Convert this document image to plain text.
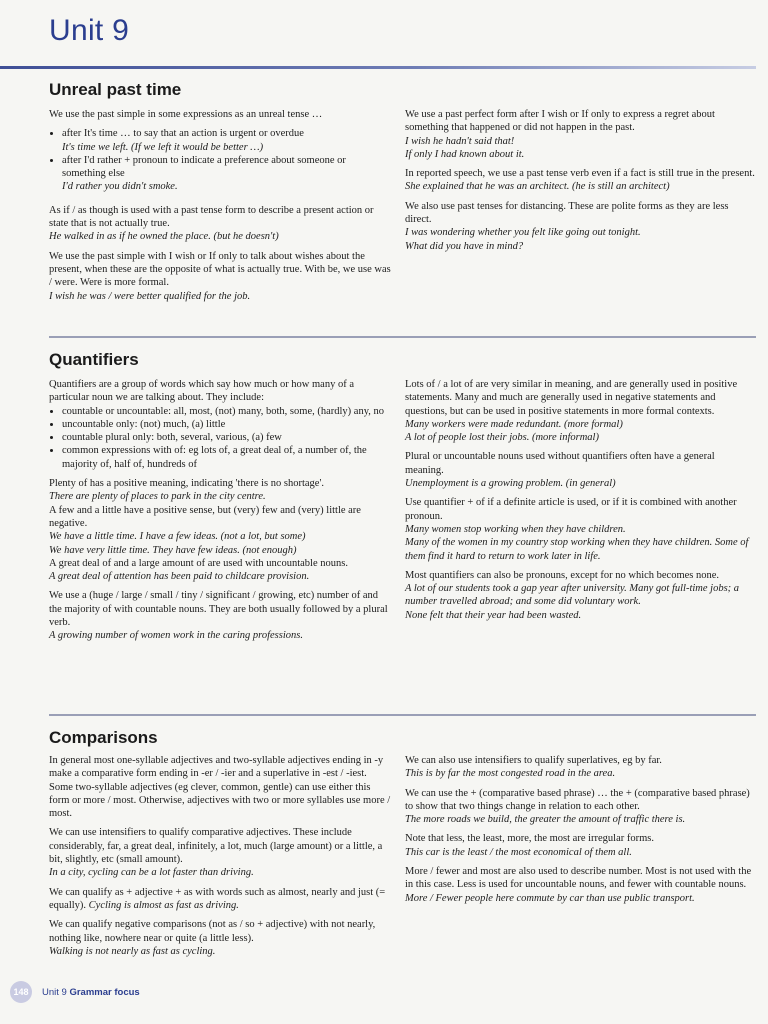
Unit 9
Unreal past time

We use the past simple in some expressions as an unreal tense …

• after It's time … to say that an action is urgent or overdue
It's time we left. (If we left it would be better …)
• after I'd rather + pronoun to indicate a preference about someone or something else
I'd rather you didn't smoke.

As if / as though is used with a past tense form to describe a present action or state that is not actually true.
He walked in as if he owned the place. (but he doesn't)

We use the past simple with I wish or If only to talk about wishes about the present, when these are the opposite of what is actually true. With be, we use was / were. Were is more formal.
I wish he was / were better qualified for the job.

We use a past perfect form after I wish or If only to express a regret about something that happened or did not happen in the past.
I wish he hadn't said that!
If only I had known about it.

In reported speech, we use a past tense verb even if a fact is still true in the present.
She explained that he was an architect. (he is still an architect)

We also use past tenses for distancing. These are polite forms as they are less direct.
I was wondering whether you felt like going out tonight.
What did you have in mind?

Quantifiers

Quantifiers are a group of words which say how much or how many of a particular noun we are talking about. They include:

• countable or uncountable: all, most, (not) many, both, some, (hardly) any, no
• uncountable only: (not) much, (a) little
• countable plural only: both, several, various, (a) few
• common expressions with of: eg lots of, a great deal of, a number of, the majority of, half of, hundreds of

Plenty of has a positive meaning, indicating 'there is no shortage'.
There are plenty of places to park in the city centre.
A few and a little have a positive sense, but (very) few and (very) little are negative.
We have a little time. I have a few ideas. (not a lot, but some)
We have very little time. They have few ideas. (not enough)
A great deal of and a large amount of are used with uncountable nouns.
A great deal of attention has been paid to childcare provision.

We use a (huge / large / small / tiny / significant / growing, etc) number of and the majority of with countable nouns. They are both usually followed by a plural verb.
A growing number of women work in the caring professions.

Lots of / a lot of are very similar in meaning, and are generally used in positive statements. Many and much are generally used in negative statements and questions, but can be used in positive statements in more formal contexts.
Many workers were made redundant. (more formal)
A lot of people lost their jobs. (more informal)

Plural or uncountable nouns used without quantifiers often have a general meaning.
Unemployment is a growing problem. (in general)

Use quantifier + of if a definite article is used, or if it is combined with another pronoun.
Many women stop working when they have children.
Many of the women in my country stop working when they have children. Some of them find it hard to return to work later in life.

Most quantifiers can also be pronouns, except for no which becomes none.
A lot of our students took a gap year after university. Many got full-time jobs; a number travelled abroad; and some did voluntary work.
None felt that their year had been wasted.

Comparisons

In general most one-syllable adjectives and two-syllable adjectives ending in -y make a comparative form ending in -er / -ier and a superlative in -est / -iest. Some two-syllable adjectives (eg clever, common, gentle) can use either this form or more / most. Otherwise, adjectives with two or more syllables use more / most.

We can use intensifiers to qualify comparative adjectives. These include considerably, far, a great deal, infinitely, a lot, much (large amount) or a little, a bit, slightly, etc (small amount).
In a city, cycling can be a lot faster than driving.

We can qualify as + adjective + as with words such as almost, nearly and just (= equally). Cycling is almost as fast as driving.

We can qualify negative comparisons (not as / so + adjective) with not nearly, nothing like, nowhere near or quite (a little less).
Walking is not nearly as fast as cycling.

We can also use intensifiers to qualify superlatives, eg by far.
This is by far the most congested road in the area.

We can use the + (comparative based phrase) … the + (comparative based phrase) to show that two things change in relation to each other.
The more roads we build, the greater the amount of traffic there is.

Note that less, the least, more, the most are irregular forms.
This car is the least / the most economical of them all.

More / fewer and most are also used to describe number. Most is not used with the in this case. Less is used for uncountable nouns, and fewer with countable nouns.
More / Fewer people here commute by car than use public transport.

148	Unit 9 Grammar focus
